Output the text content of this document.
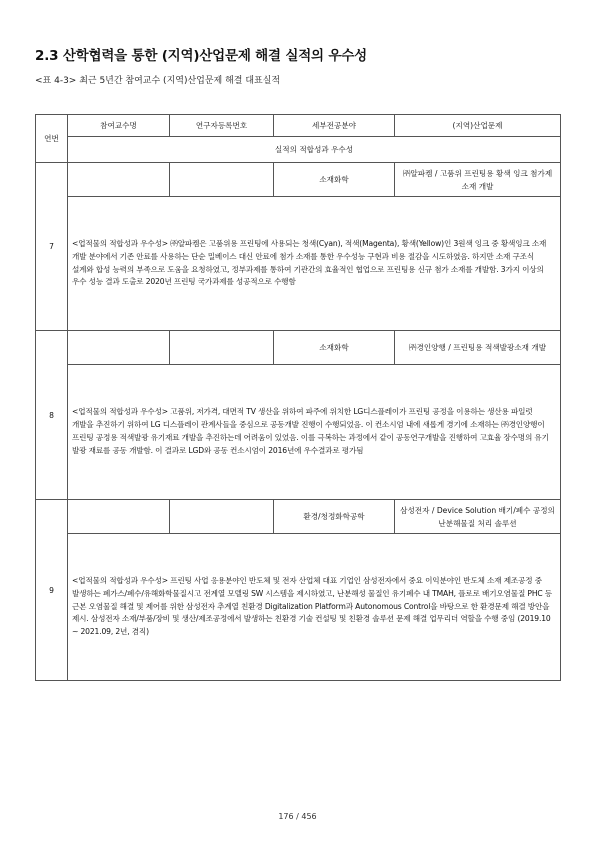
2.3 산학협력을 통한 (지역)산업문제 해결 실적의 우수성
<표 4-3> 최근 5년간 참여교수 (지역)산업문제 해결 대표실적
연번	참여교수명	연구자등록번호	세부전공분야	(지역)산업문제
	실적의 적합성과 우수성			
7			소재화학	㈜알파켐 / 고품위 프린팅용 황색 잉크 첨가제 소재 개발
	<업적물의 적합성과 우수성> ㈜알파켐은 고품위용 프린팅에 사용되는 청색(Cyan), 적색(Magenta), 황색(Yellow)인 3원색 잉크 중 황색잉크 소재 개발 분야에서 기존 안료를 사용하는 단순 밀베이스 대신 안료에 첨가 소재를 통한 우수성능 구현과 비용 절감을 시도하였음. 하지만 소재 구조식 설계와 합성 능력의 부족으로 도움을 요청하였고, 정부과제를 통하여 기관간의 효율적인 협업으로 프린팅용 신규 첨가 소재를 개발함. 3가지 이상의 우수 성능 결과 도출로 2020년 프린팅 국가과제를 성공적으로 수행함			
8			소재화학	㈜경인양행 / 프린팅용 적색발광소재 개발
	<업적물의 적합성과 우수성> 고품위, 저가격, 대면적 TV 생산을 위하여 파주에 위치한 LG디스플레이가 프린팅 공정을 이용하는 생산용 파일럿 개발을 추진하기 위하여 LG 디스플레이 관계사들을 중심으로 공동개발 진행이 수행되었음. 이 컨소시엄 내에 새롭게 경기에 소재하는 ㈜경인양행이 프린팅 공정용 적색발광 유기재료 개발을 추진하는데 어려움이 있었음. 이를 극복하는 과정에서 같이 공동연구개발을 진행하여 고효율 장수명의 유기 발광 재료를 공동 개발함. 이 결과로 LGD와 공동 컨소시엄이 2016년에 우수결과로 평가됨			
9			환경/청정화학공학	삼성전자 / Device Solution 배기/폐수 공정의 난분해물질 처리 솔루션
	<업적물의 적합성과 우수성> 프린팅 사업 응용분야인 반도체 및 전자 산업체 대표 기업인 삼성전자에서 중요 이익분야인 반도체 소재 제조공정 중 발생하는 폐가스/폐수/유해화학물질시고 전계열 모델링 SW 시스템을 제시하였고, 난분해성 물질인 유기폐수 내 TMAH, 플로로 배기오염물질 PHC 등 근본 오염물질 해결 및 제어를 위한 삼성전자 추계열 친환경 Digitalization Platform과 Autonomous Control을 바탕으로 한 환경문제 해결 방안을 제시. 삼성전자 소재/부품/장비 및 생산/제조공정에서 발생하는 친환경 기술 컨설팅 및 친환경 솔루션 문제 해결 업무리더 역할을 수행 중임 (2019.10 ~ 2021.09, 2년, 겸직)			
176 / 456
